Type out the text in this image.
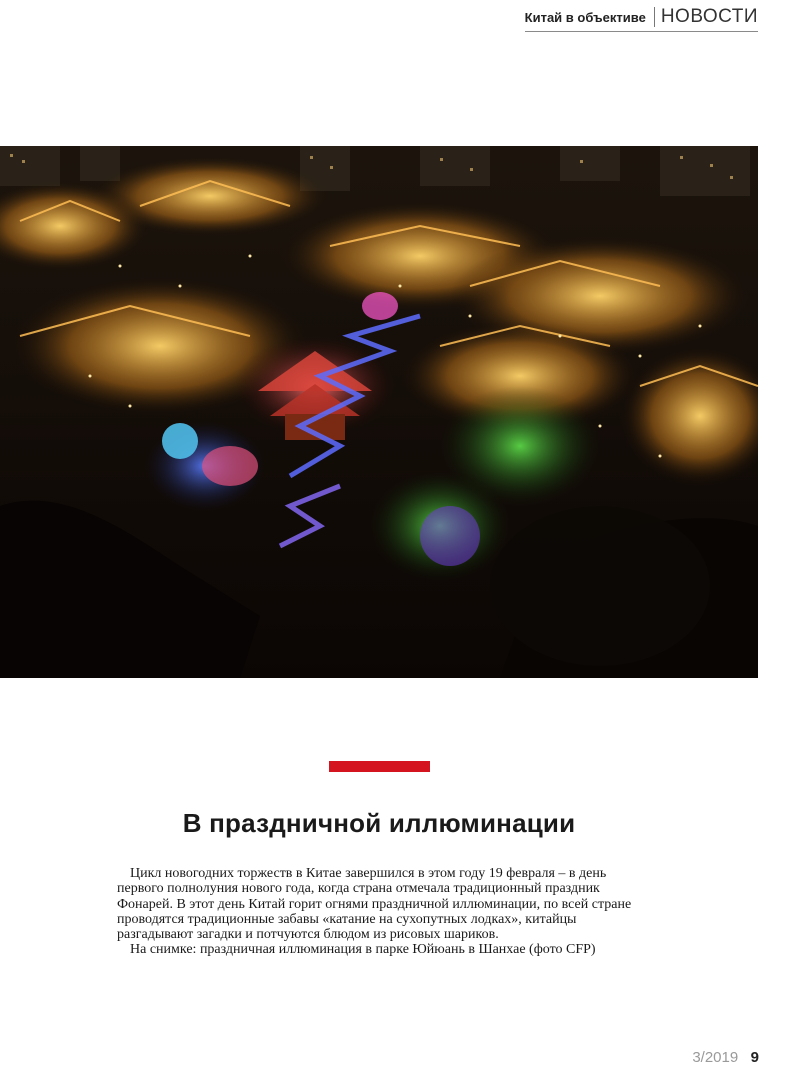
Китай в объективе НОВОСТИ
В праздничной иллюминации

Цикл новогодних торжеств в Китае завершился в этом году 19 февраля – в день первого полнолуния нового года, когда страна отмечала традиционный праздник Фонарей. В этот день Китай горит огнями праздничной иллюминации, по всей стране проводятся традиционные забавы «катание на сухопутных лодках», китайцы разгадывают загадки и потчуются блюдом из рисовых шариков.

На снимке: праздничная иллюминация в парке Юйюань в Шанхае (фото CFP)

3/2019 9
